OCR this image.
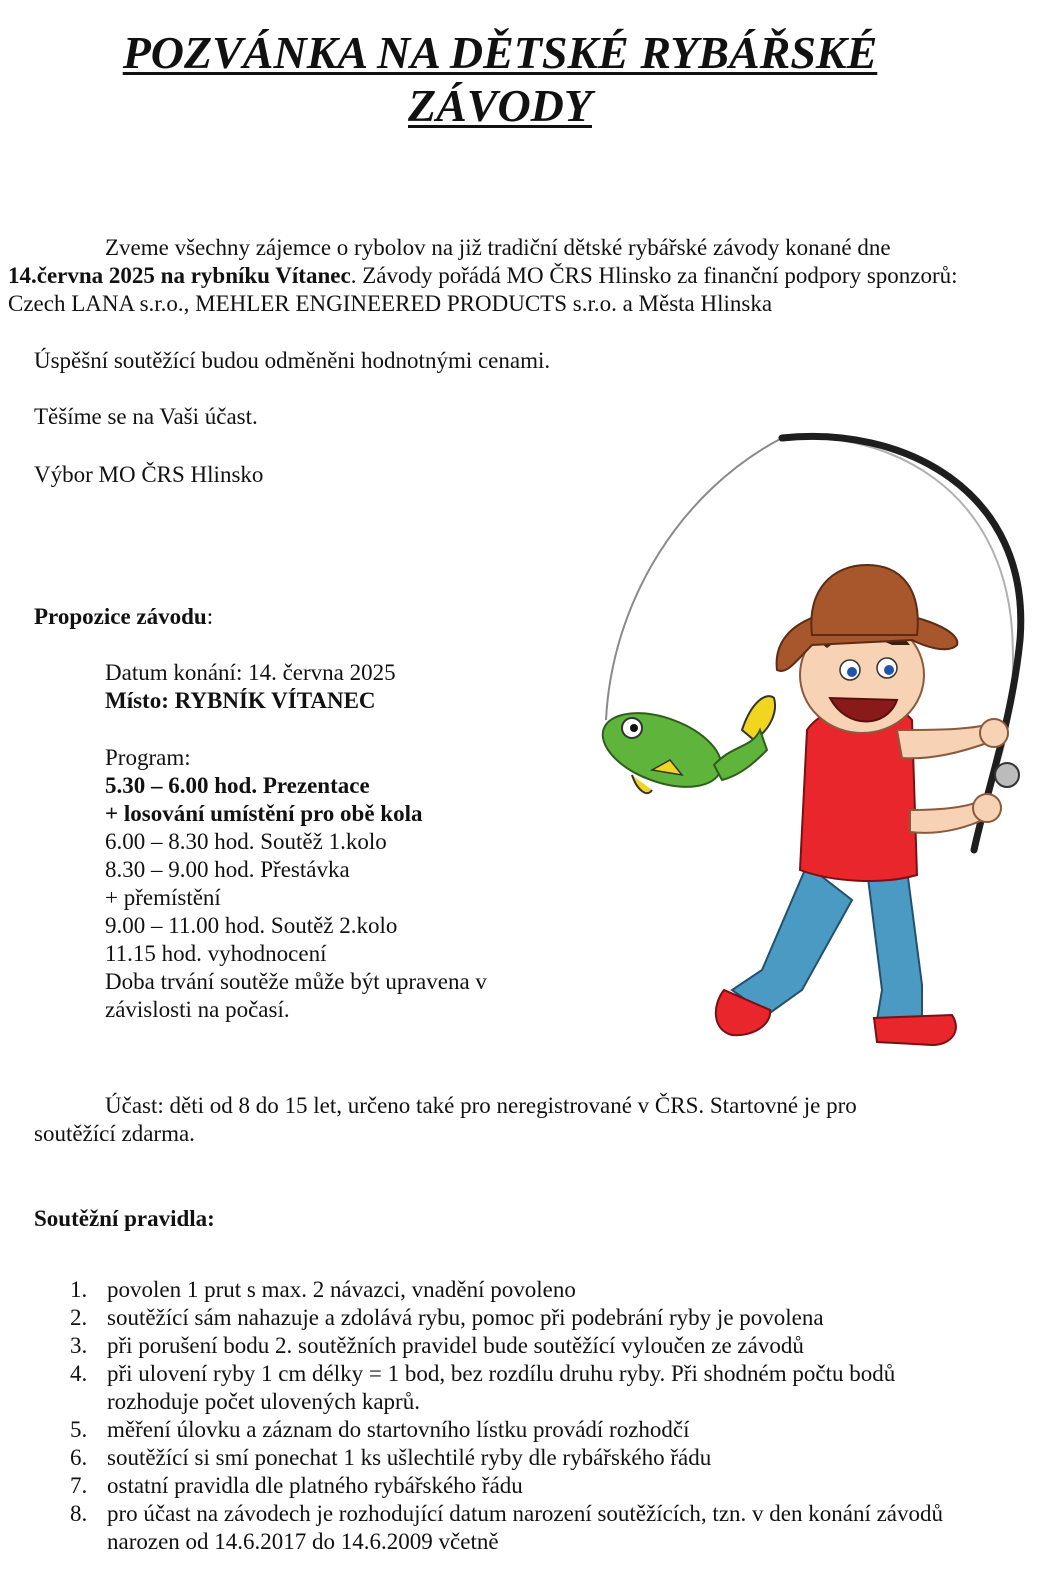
POZVÁNKA NA DĚTSKÉ RYBÁŘSKÉ
ZÁVODY

Zveme všechny zájemce o rybolov na již tradiční dětské rybářské závody konané dne 14.června 2025 na rybníku Vítanec. Závody pořádá MO ČRS Hlinsko za finanční podpory sponzorů: Czech LANA s.r.o., MEHLER ENGINEERED PRODUCTS s.r.o. a Města Hlinska

Úspěšní soutěžící budou odměněni hodnotnými cenami.

Těšíme se na Vaši účast.

Výbor MO ČRS Hlinsko

Propozice závodu:

Datum konání: 14. června 2025
Místo: RYBNÍK VÍTANEC
Program:
5.30 – 6.00 hod. Prezentace
+ losování umístění pro obě kola
6.00 – 8.30 hod. Soutěž 1.kolo
8.30 – 9.00 hod. Přestávka
+ přemístění
9.00 – 11.00 hod. Soutěž 2.kolo
11.15 hod. vyhodnocení
Doba trvání soutěže může být upravena v
závislosti na počasí.

Účast: děti od 8 do 15 let, určeno také pro neregistrované v ČRS. Startovné je pro
soutěžící zdarma.

Soutěžní pravidla:

1. povolen 1 prut s max. 2 návazci, vnadění povoleno
2. soutěžící sám nahazuje a zdolává rybu, pomoc při podebrání ryby je povolena
3. při porušení bodu 2. soutěžních pravidel bude soutěžící vyloučen ze závodů
4. při ulovení ryby 1 cm délky = 1 bod, bez rozdílu druhu ryby. Při shodném počtu bodů rozhoduje počet ulovených kaprů.
5. měření úlovku a záznam do startovního lístku provádí rozhodčí
6. soutěžící si smí ponechat 1 ks ušlechtilé ryby dle rybářského řádu
7. ostatní pravidla dle platného rybářského řádu
8. pro účast na závodech je rozhodující datum narození soutěžících, tzn. v den konání závodů narozen od 14.6.2017 do 14.6.2009 včetně
